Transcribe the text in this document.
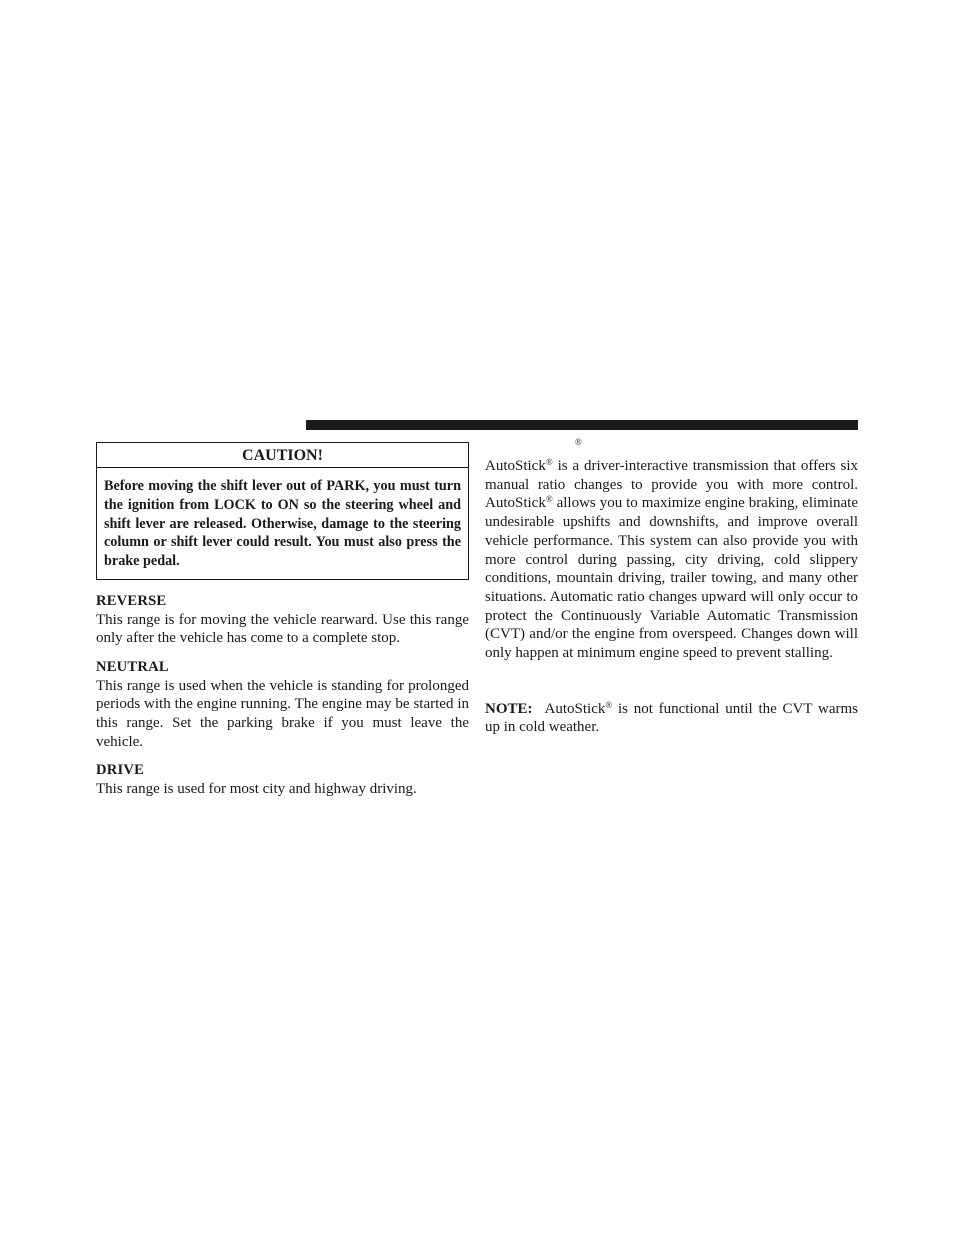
CAUTION!
Before moving the shift lever out of PARK, you must turn the ignition from LOCK to ON so the steering wheel and shift lever are released. Otherwise, damage to the steering column or shift lever could result. You must also press the brake pedal.

REVERSE

This range is for moving the vehicle rearward. Use this range only after the vehicle has come to a complete stop.

NEUTRAL

This range is used when the vehicle is standing for prolonged periods with the engine running. The engine may be started in this range. Set the parking brake if you must leave the vehicle.

DRIVE

This range is used for most city and highway driving.

®

AutoStick® is a driver-interactive transmission that offers six manual ratio changes to provide you with more control. AutoStick® allows you to maximize engine braking, eliminate undesirable upshifts and downshifts, and improve overall vehicle performance. This system can also provide you with more control during passing, city driving, cold slippery conditions, mountain driving, trailer towing, and many other situations. Automatic ratio changes upward will only occur to protect the Continuously Variable Automatic Transmission (CVT) and/or the engine from overspeed. Changes down will only happen at minimum engine speed to prevent stalling.

NOTE: AutoStick® is not functional until the CVT warms up in cold weather.
